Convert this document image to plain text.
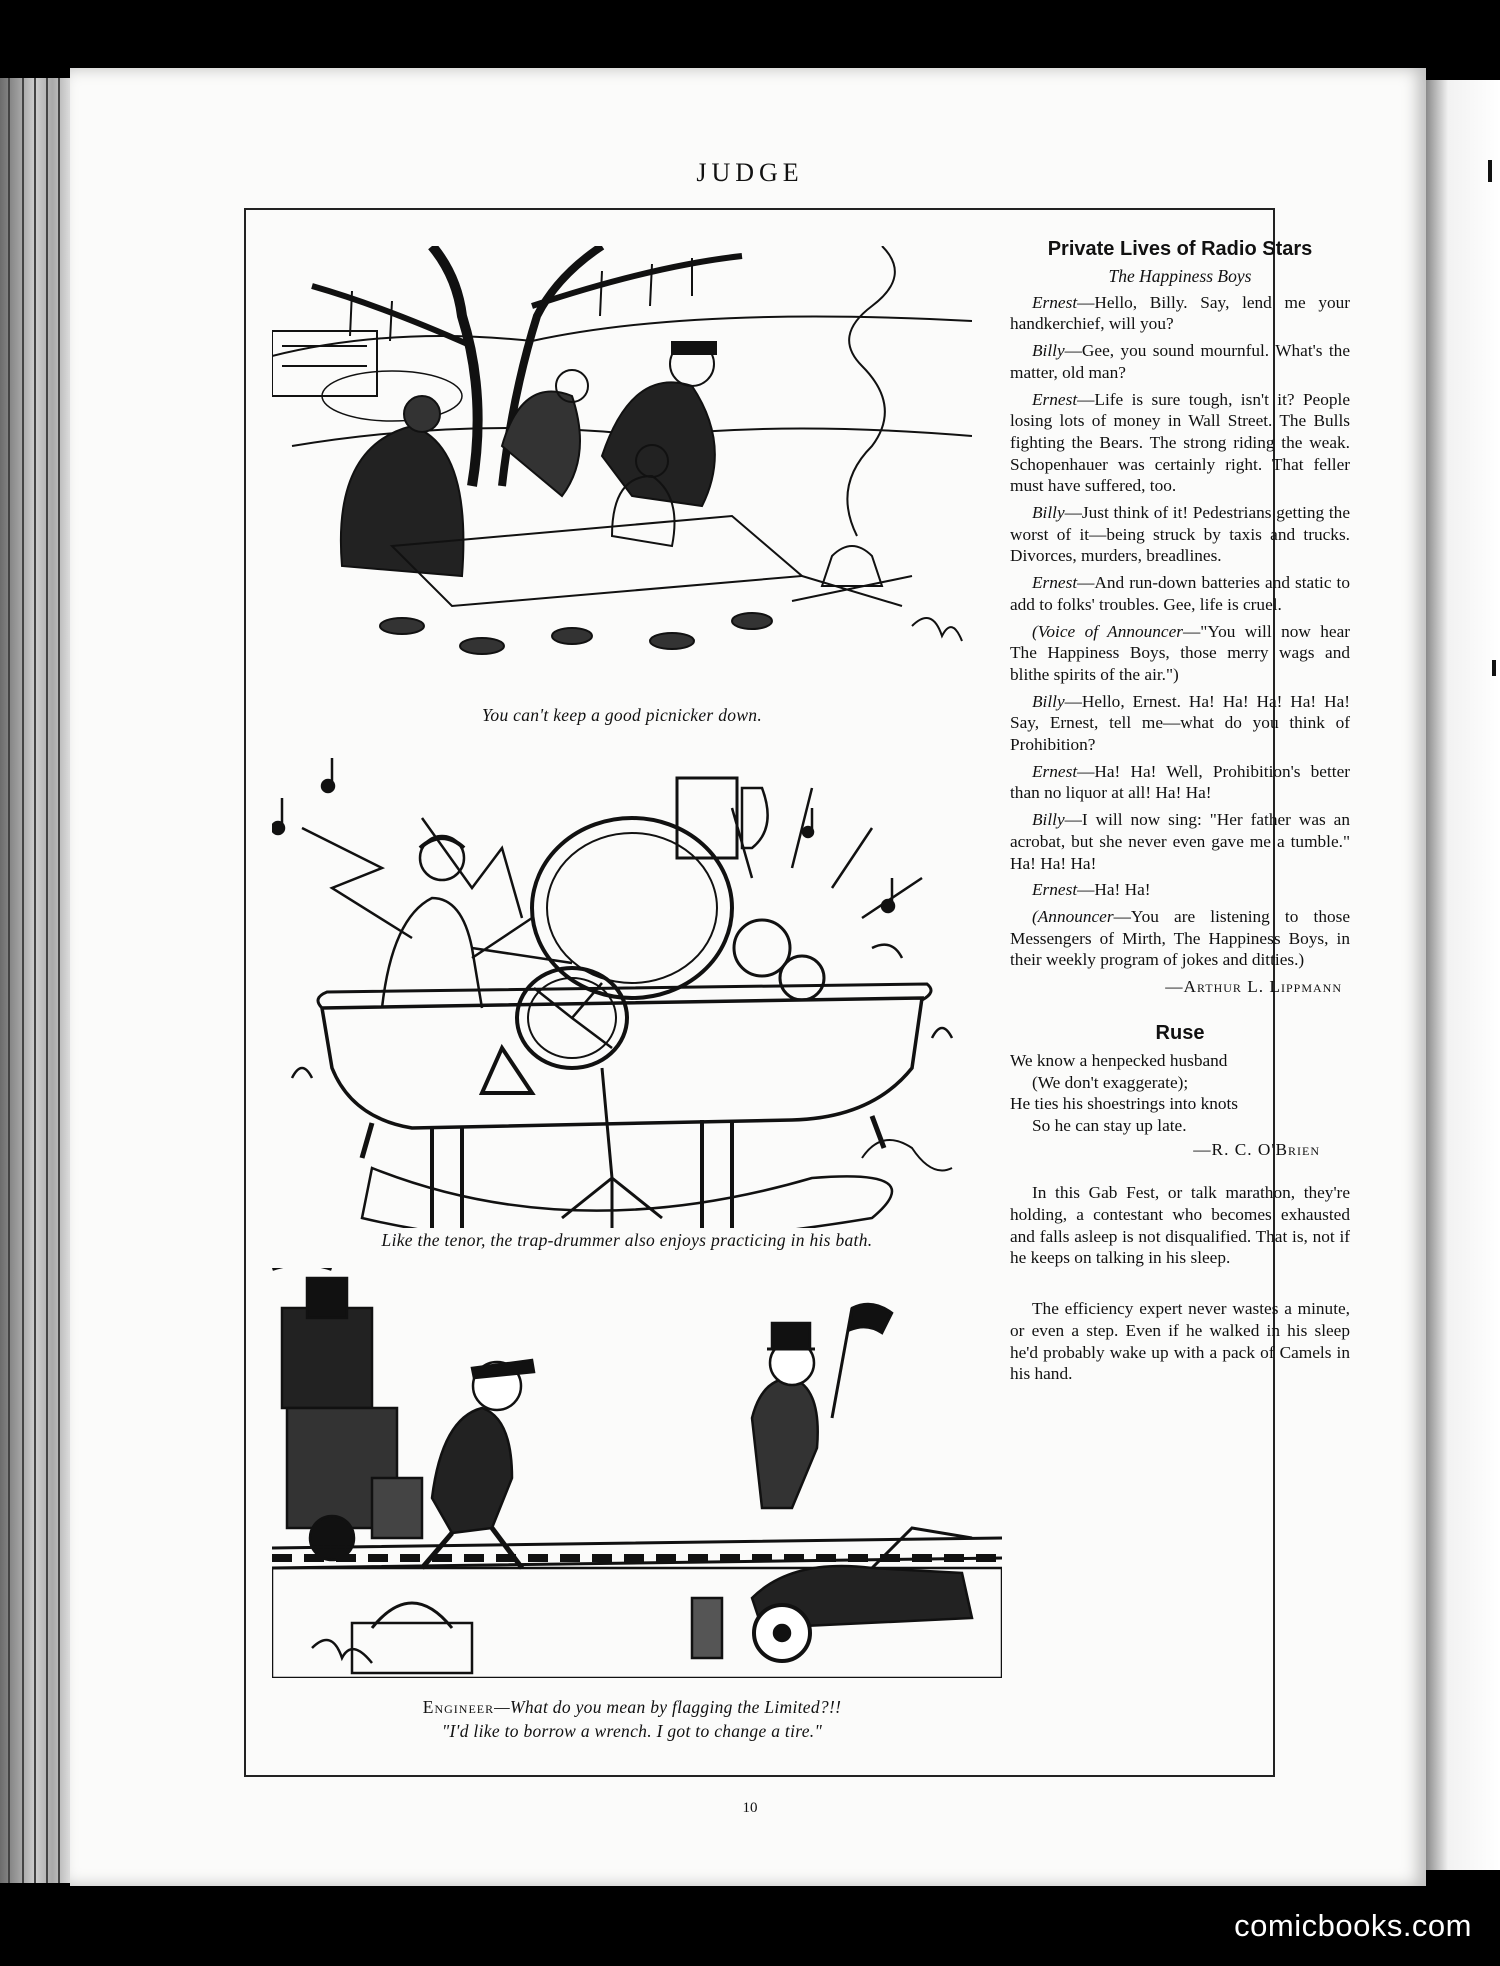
JUDGE
You can't keep a good picnicker down.
Like the tenor, the trap-drummer also enjoys practicing in his bath.
Engineer—What do you mean by flagging the Limited?!!
"I'd like to borrow a wrench. I got to change a tire."
Private Lives of Radio Stars
The Happiness Boys

Ernest—Hello, Billy. Say, lend me your handkerchief, will you?

Billy—Gee, you sound mournful. What's the matter, old man?

Ernest—Life is sure tough, isn't it? People losing lots of money in Wall Street. The Bulls fighting the Bears. The strong riding the weak. Schopenhauer was certainly right. That feller must have suffered, too.

Billy—Just think of it! Pedestrians getting the worst of it—being struck by taxis and trucks. Divorces, murders, breadlines.

Ernest—And run-down batteries and static to add to folks' troubles. Gee, life is cruel.

(Voice of Announcer—"You will now hear The Happiness Boys, those merry wags and blithe spirits of the air.")

Billy—Hello, Ernest. Ha! Ha! Ha! Ha! Ha! Say, Ernest, tell me—what do you think of Prohibition?

Ernest—Ha! Ha! Well, Prohibition's better than no liquor at all! Ha! Ha!

Billy—I will now sing: "Her father was an acrobat, but she never even gave me a tumble." Ha! Ha! Ha!

Ernest—Ha! Ha!

(Announcer—You are listening to those Messengers of Mirth, The Happiness Boys, in their weekly program of jokes and ditties.)

—Arthur L. Lippmann
Ruse
We know a henpecked husband
(We don't exaggerate);
He ties his shoestrings into knots
So he can stay up late.
—R. C. O'Brien

In this Gab Fest, or talk marathon, they're holding, a contestant who becomes exhausted and falls asleep is not disqualified. That is, not if he keeps on talking in his sleep.

The efficiency expert never wastes a minute, or even a step. Even if he walked in his sleep he'd probably wake up with a pack of Camels in his hand.

10
comicbooks.com
